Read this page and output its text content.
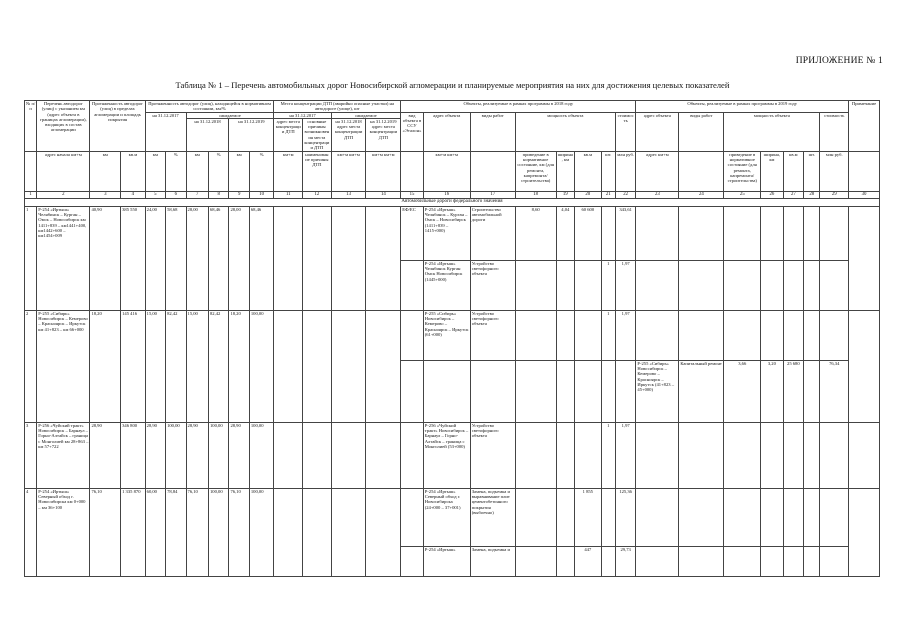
ПРИЛОЖЕНИЕ № 1
Таблица № 1 – Перечень автомобильных дорог Новосибирской агломерации и планируемые мероприятия на них для достижения целевых показателей
№ п/п	Перечень автодорог (улиц) с указанием км (адрес объекта в границах агломерации), входящих в состав агломерации	Протяженность автодорог (улиц) в пределах агломерации и площадь покрытия		Протяженность автодорог (улиц), находящейся в нормативном состоянии, км/%						Места концентрации ДТП (аварийно опасные участки) на автодороге (улице), шт				Объекты, реализуемые в рамках программы в 2018 году								Объекты, реализуемые в рамках программы в 2019 году							Примечание
				на 31.12.2017		ожидаемое				на 31.12.2017		ожидаемое		вид объекта в ССУ «Эталон»	адрес объекта	виды работ	мощность объекта				стоимость	адрес объекта	виды работ	мощность объекта				стоимость	
						на 31.12.2018		на 31.12.2019		адрес места концентрации ДТП	основные причины возникновения места концентрации ДТП	на 31.12.2018 адрес места концентрации ДТП	на 31.12.2019 адрес места концентрации ДТП																
	адрес начала км+м	км	кв.м	км	%	км	%	км	%	км+м	наименование причины ДТП	км+м км+м	км+м км+м		км+м км+м		приведение в нормативное состояние, км (для ремонта, капремонта/строительства)	ширина, км	кв.м	шт.	млн руб.	адрес км+м		приведение в нормативное состояние (для ремонта, капремонта/строительства)	ширина, км	кв.м	шт.	млн руб.	
1	2	3	4	5	6	7	8	9	10	11	12	13	14	15	16	17	18	19	20	21	22	23	24	25	26	27	28	29	30
Автомобильные дороги федерального значения																													
1	Р-254 «Иртыш» Челябинск – Курган – Омск – Новосибирск км 1411+839 – км1441+400, км1442+600 – км1454+009	40,90	385 550	24,00	58,68	28,00	68,46	28,00	68,46					ЕФ/ЕС	Р-254 «Иртыш» Челябинск – Курган – Омск – Новосибирск (1411+839 – 1415+000)	Строительство автомобильной дороги	8,60	4,04	60 600		343,61								
															Р-254 «Иртыш» Челябинск Курган Омск Новосибирск (1445+000)	Устройство светофорного объекта				1	1,97								
2	Р-255 «Сибирь» Новосибирск – Кемерово – Красноярск – Иркутск км 41+823 – км 66+000	18,20	145 416	15,00	82,42	15,00	82,42	18,20	100,00						Р-255 «Сибирь» Новосибирск – Кемерово – Красноярск – Иркутск (61+000)	Устройство светофорного объекта				1	1,97								
																						Р-255 «Сибирь» Новосибирск – Кемерово – Красноярск – Иркутск (41+823 – 45+000)	Капитальный ремонт	3,66	3,20	25 680		76,34	
3	Р-256 «Чуйский тракт» Новосибирск – Барнаул – Горно-Алтайск – граница с Монголией км 28+863 – км 57+722	28,90	346 800	28,90	100,00	28,90	100,00	28,90	100,00						Р-256 «Чуйский тракт» Новосибирск – Барнаул – Горно-Алтайск – граница с Монголией (53+000)	Устройство светофорного объекта				1	1,97								
4	Р-254 «Иртыш» Северный обход г. Новосибирска км 0+000 – км 36+100	76,10	1 335 870	60,00	78,84	76,10	100,00	76,10	100,00						Р-254 «Иртыш» Северный обход г. Новосибирска (24+000 – 37+001)	Замена, подъемка и выравнивание плит цементобетонного покрытия (выбоечно)			1 855		125,36								
															Р-254 «Иртыш»	Замена, подъемка и			447		29,73								
